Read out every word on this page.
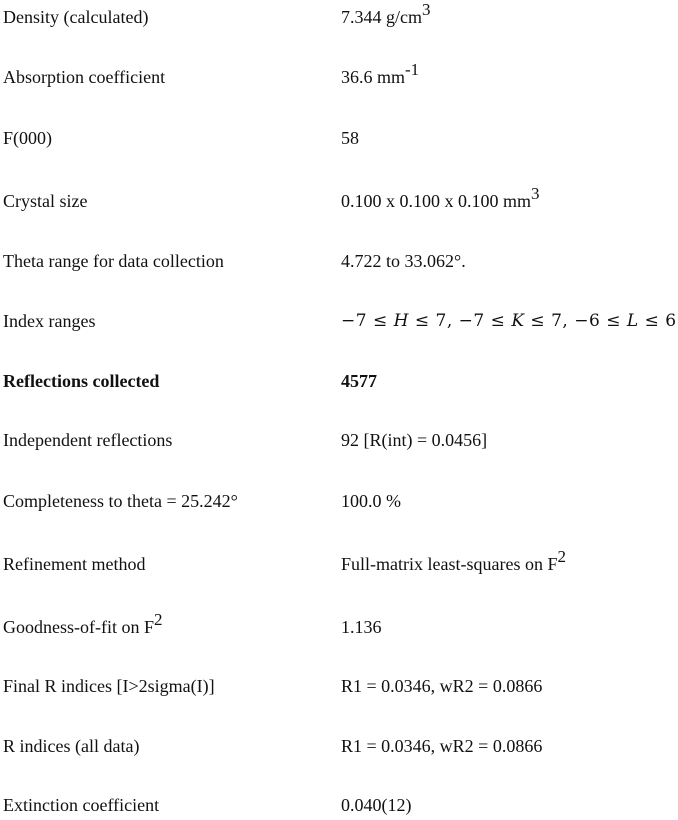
Density (calculated)	7.344 $g/cm^3$
Absorption coefficient	36.6 $mm^{-1}$
F(000)	58
Crystal size	0.100 x 0.100 x 0.100 $mm^3$
Theta range for data collection	4.722 to 33.062°.
Index ranges	−7 ≤ H ≤ 7, −7 ≤ K ≤ 7, −6 ≤ L ≤ 6
Reflections collected	4577
Independent reflections	92 [R(int) = 0.0456]
Completeness to theta = 25.242°	100.0 %
Refinement method	Full-matrix least-squares on $F^2$
Goodness-of-fit on $F^2$	1.136
Final R indices [I>2sigma(I)]	R1 = 0.0346, wR2 = 0.0866
R indices (all data)	R1 = 0.0346, wR2 = 0.0866
Extinction coefficient	0.040(12)
